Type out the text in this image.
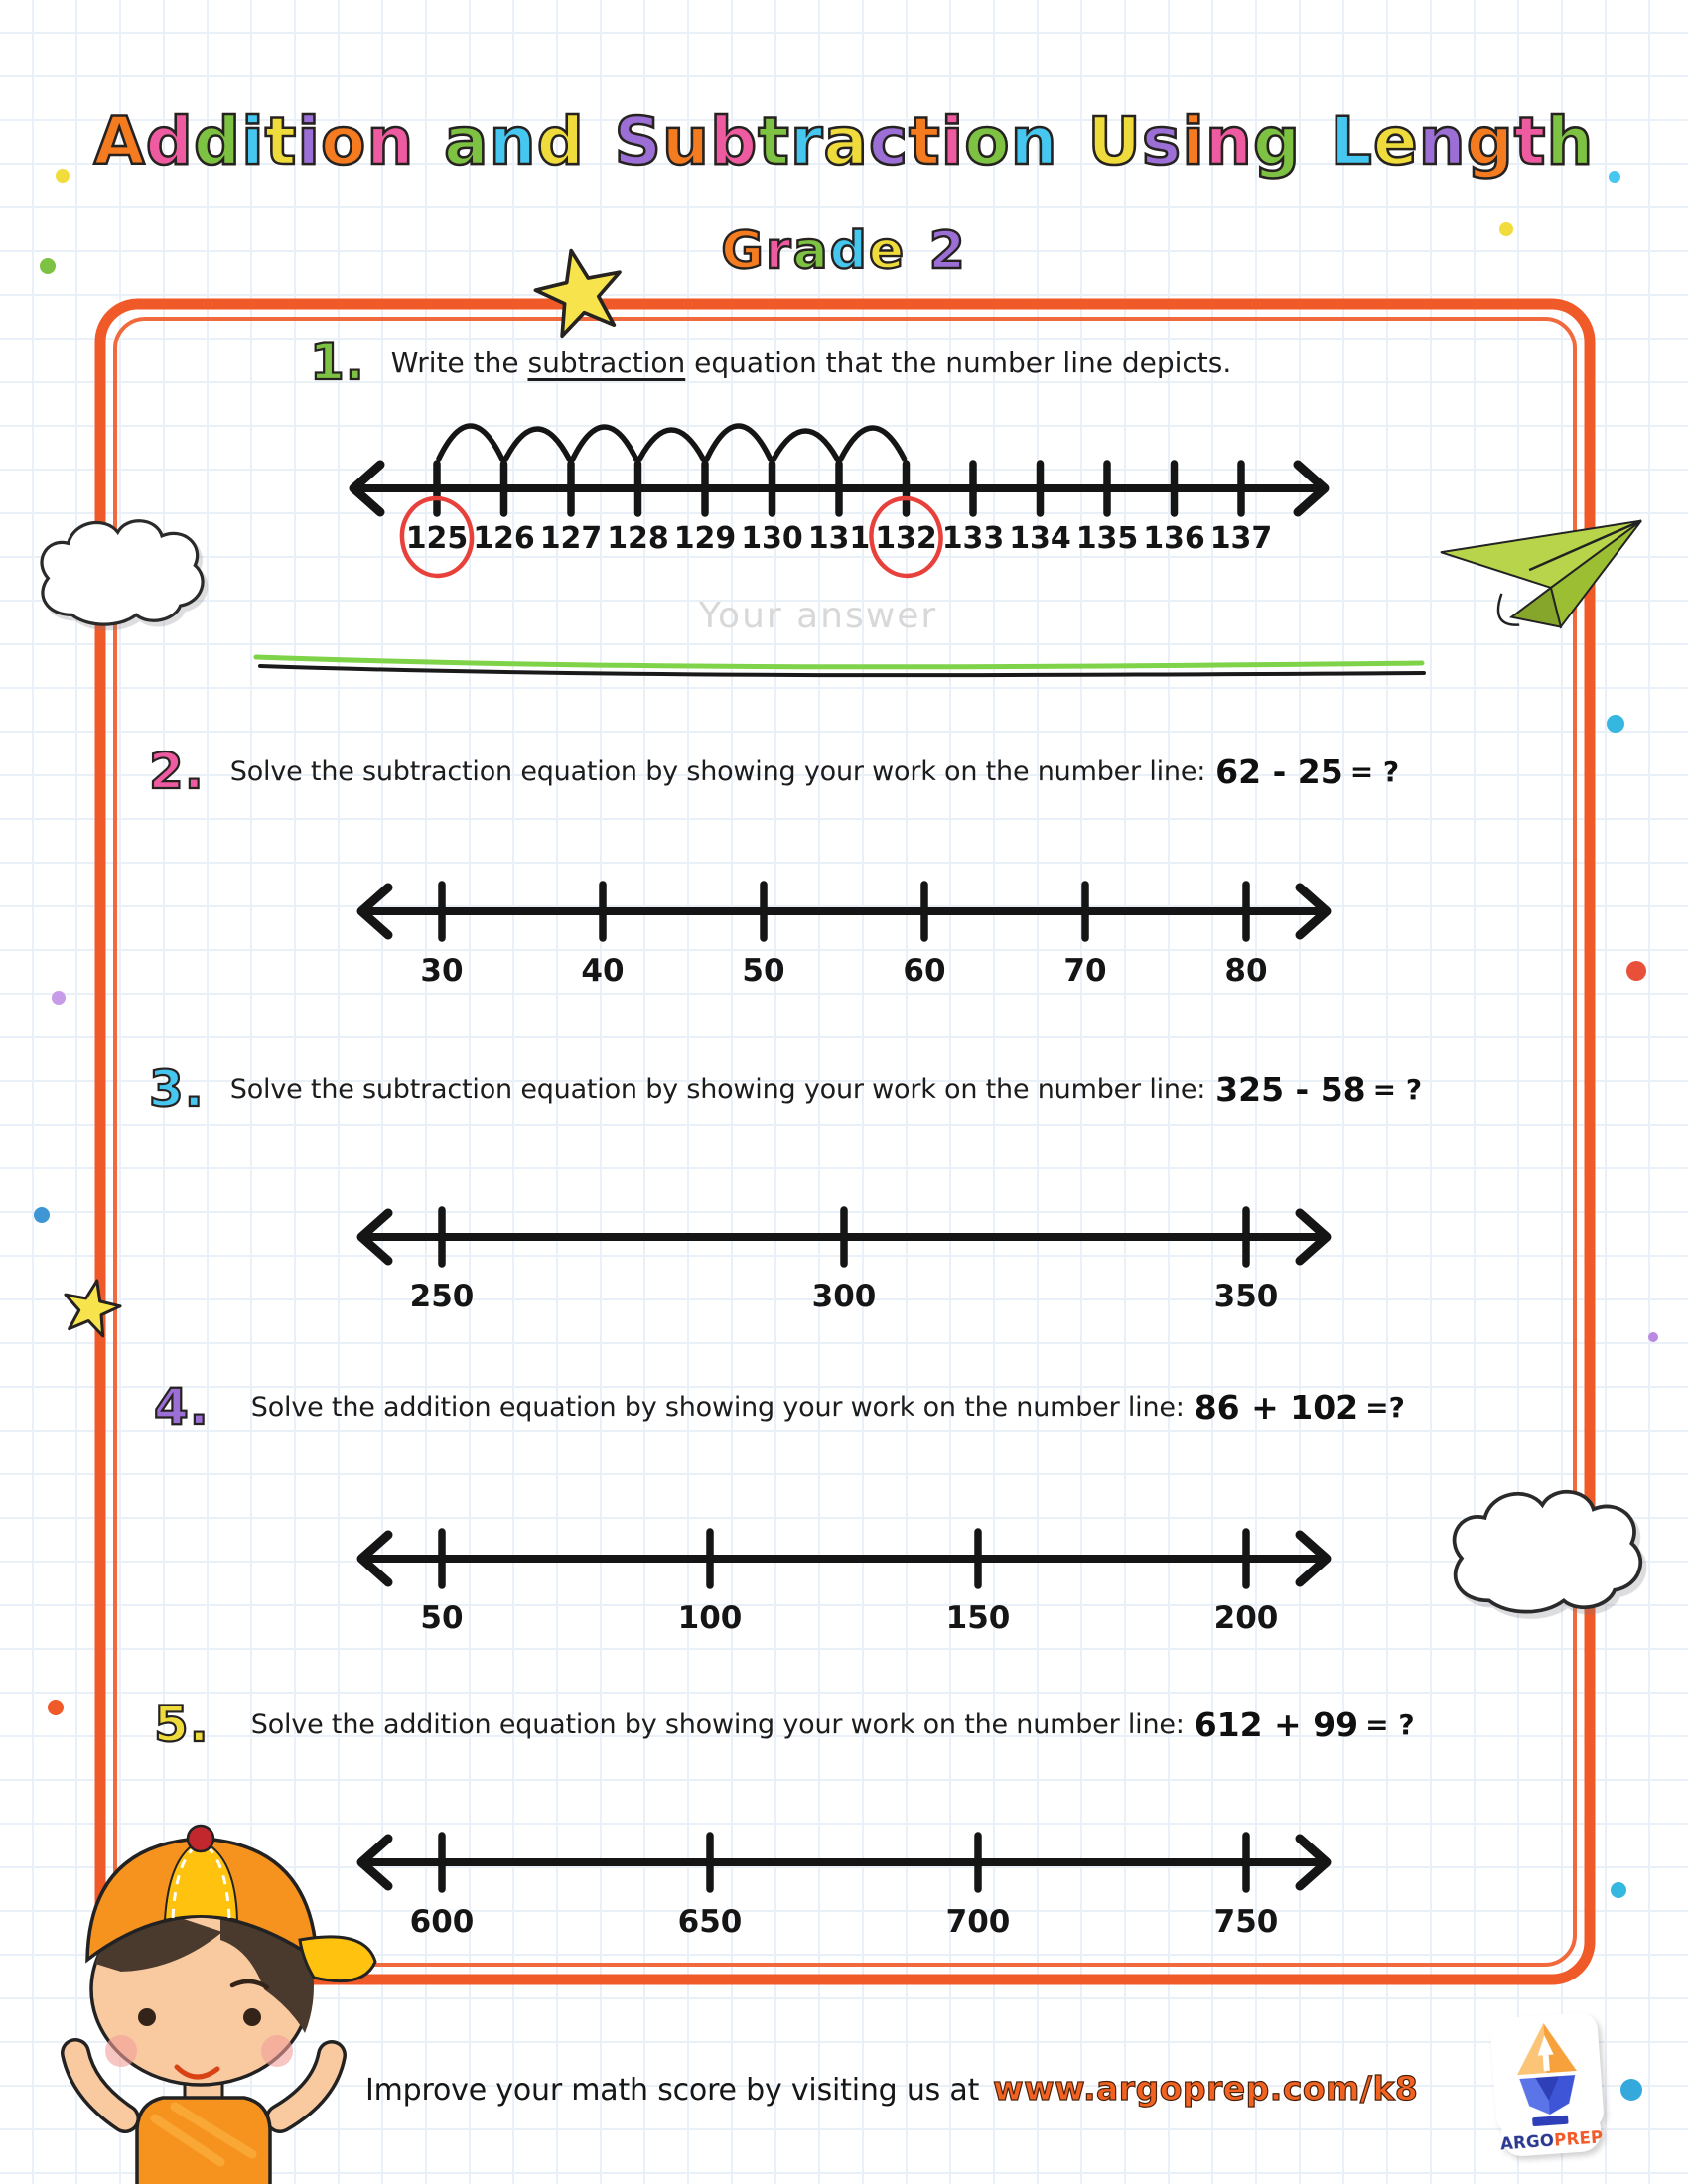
Addition and Subtraction Using Length
Grade 2
1. Write the subtraction equation that the number line depicts.
125 126 127 128 129 130 131 132 133 134 135 136 137
Your answer
2. Solve the subtraction equation by showing your work on the number line: 62 - 25 = ?
30	40	50	60	70	80
3. Solve the subtraction equation by showing your work on the number line: 325 - 58 = ?
250	300	350
4. Solve the addition equation by showing your work on the number line: 86 + 102 =?
50	100	150	200
5. Solve the addition equation by showing your work on the number line: 612 + 99 = ?
600	650	700	750
Improve your math score by visiting us at www.argoprep.com/k8
ARGOPREP
